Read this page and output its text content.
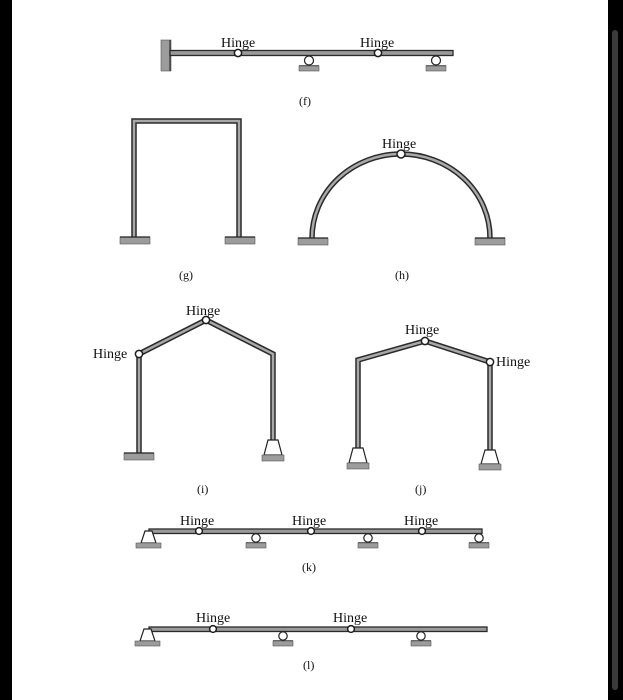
Hinge	Hinge
(f)
(g)
Hinge
(h)
Hinge
Hinge
(i)
Hinge
Hinge
(j)
Hinge	Hinge	Hinge
(k)
Hinge	Hinge
(l)
